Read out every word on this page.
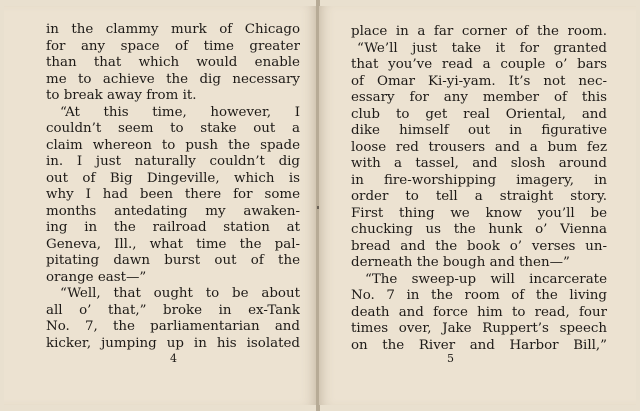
in the clammy murk of Chicago
for any space of time greater
than that which would enable
me to achieve the dig necessary
to break away from it.
“At this time, however, I
couldn’t seem to stake out a
claim whereon to push the spade
in. I just naturally couldn’t dig
out of Big Dingeville, which is
why I had been there for some
months antedating my awaken-
ing in the railroad station at
Geneva, Ill., what time the pal-
pitating dawn burst out of the
orange east—”
“Well, that ought to be about
all o’ that,” broke in ex-Tank
No. 7, the parliamentarian and
kicker, jumping up in his isolated
4
place in a far corner of the room.
“We’ll just take it for granted
that you’ve read a couple o’ bars
of Omar Ki-yi-yam. It’s not nec-
essary for any member of this
club to get real Oriental, and
dike himself out in figurative
loose red trousers and a bum fez
with a tassel, and slosh around
in fire-worshipping imagery, in
order to tell a straight story.
First thing we know you’ll be
chucking us the hunk o’ Vienna
bread and the book o’ verses un-
derneath the bough and then—”
“The sweep-up will incarcerate
No. 7 in the room of the living
death and force him to read, four
times over, Jake Ruppert’s speech
on the River and Harbor Bill,”
5
